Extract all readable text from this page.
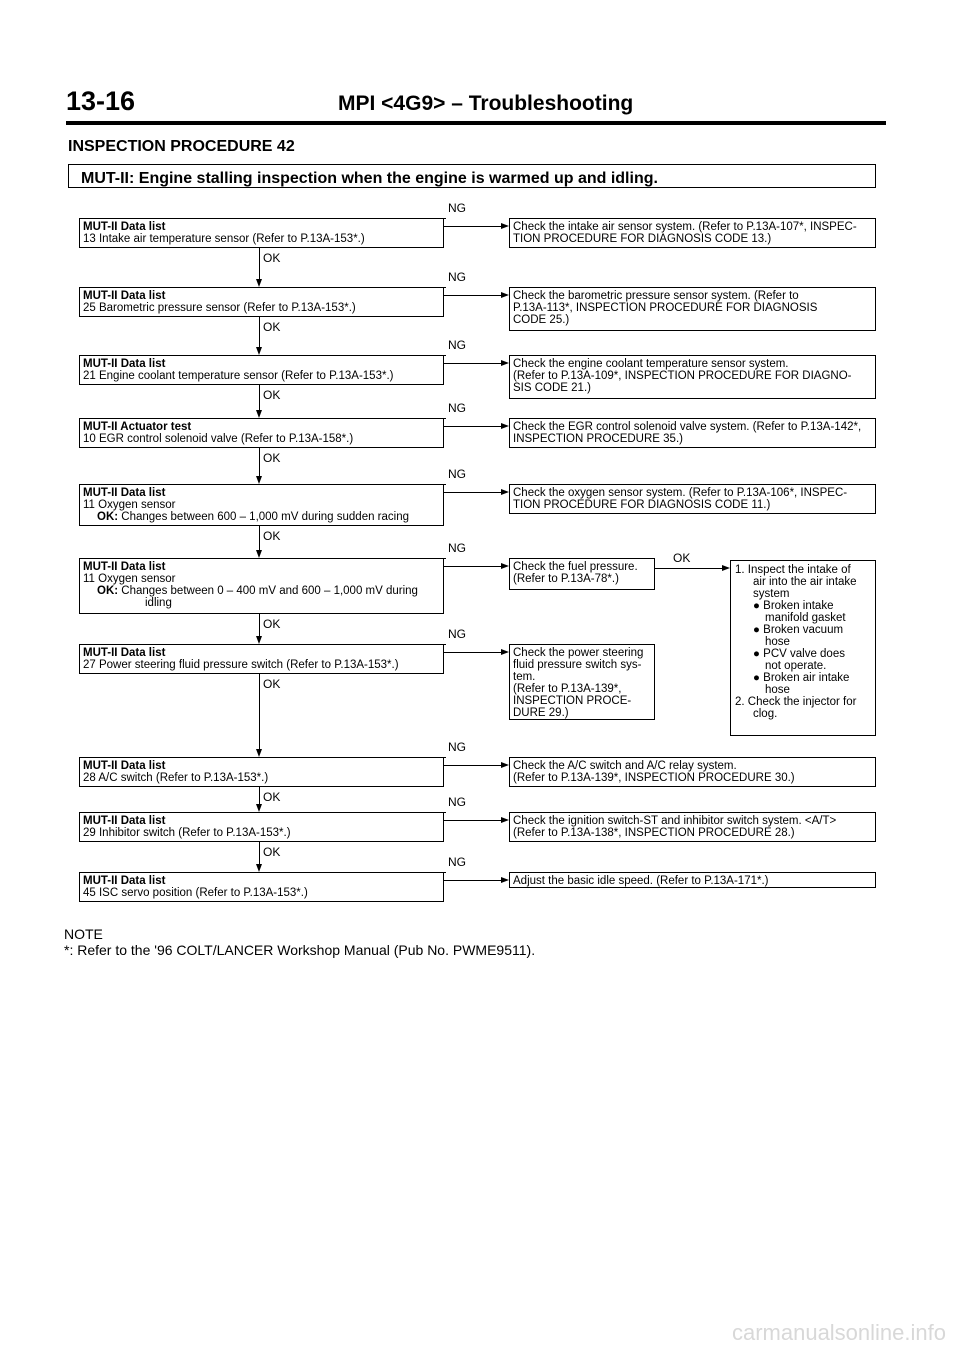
13-16	MPI <4G9> – Troubleshooting
INSPECTION PROCEDURE 42
MUT-II: Engine stalling inspection when the engine is warmed up and idling.
MUT-II Data list
13 Intake air temperature sensor (Refer to P.13A-153*.)
Check the intake air sensor system. (Refer to P.13A-107*, INSPEC-
TION PROCEDURE FOR DIAGNOSIS CODE 13.)
NG
OK
MUT-II Data list
25 Barometric pressure sensor (Refer to P.13A-153*.)
Check the barometric pressure sensor system. (Refer to
P.13A-113*, INSPECTION PROCEDURE FOR DIAGNOSIS
CODE 25.)
NG
OK
MUT-II Data list
21 Engine coolant temperature sensor (Refer to P.13A-153*.)
Check the engine coolant temperature sensor system.
(Refer to P.13A-109*, INSPECTION PROCEDURE FOR DIAGNO-
SIS CODE 21.)
NG
OK
MUT-II Actuator test
10 EGR control solenoid valve (Refer to P.13A-158*.)
Check the EGR control solenoid valve system. (Refer to P.13A-142*,
INSPECTION PROCEDURE 35.)
NG
OK
MUT-II Data list
11 Oxygen sensor
OK: Changes between 600 – 1,000 mV during sudden racing
Check the oxygen sensor system. (Refer to P.13A-106*, INSPEC-
TION PROCEDURE FOR DIAGNOSIS CODE 11.)
NG
OK
MUT-II Data list
11 Oxygen sensor
OK: Changes between 0 – 400 mV and 600 – 1,000 mV during
idling
Check the fuel pressure.
(Refer to P.13A-78*.)
NG
OK
MUT-II Data list
27 Power steering fluid pressure switch (Refer to P.13A-153*.)
Check the power steering
fluid pressure switch sys-
tem.
(Refer to P.13A-139*,
INSPECTION PROCE-
DURE 29.)
NG
OK
MUT-II Data list
28 A/C switch (Refer to P.13A-153*.)
Check the A/C switch and A/C relay system.
(Refer to P.13A-139*, INSPECTION PROCEDURE 30.)
NG
OK
MUT-II Data list
29 Inhibitor switch (Refer to P.13A-153*.)
Check the ignition switch-ST and inhibitor switch system. <A/T>
(Refer to P.13A-138*, INSPECTION PROCEDURE 28.)
NG
OK
MUT-II Data list
45 ISC servo position (Refer to P.13A-153*.)
Adjust the basic idle speed. (Refer to P.13A-171*.)
NG
OK
1. Inspect the intake of
air into the air intake
system
● Broken intake
manifold gasket
● Broken vacuum
hose
● PCV valve does
not operate.
● Broken air intake
hose
2. Check the injector for
clog.
NOTE
*: Refer to the '96 COLT/LANCER Workshop Manual (Pub No. PWME9511).
carmanualsonline.info
